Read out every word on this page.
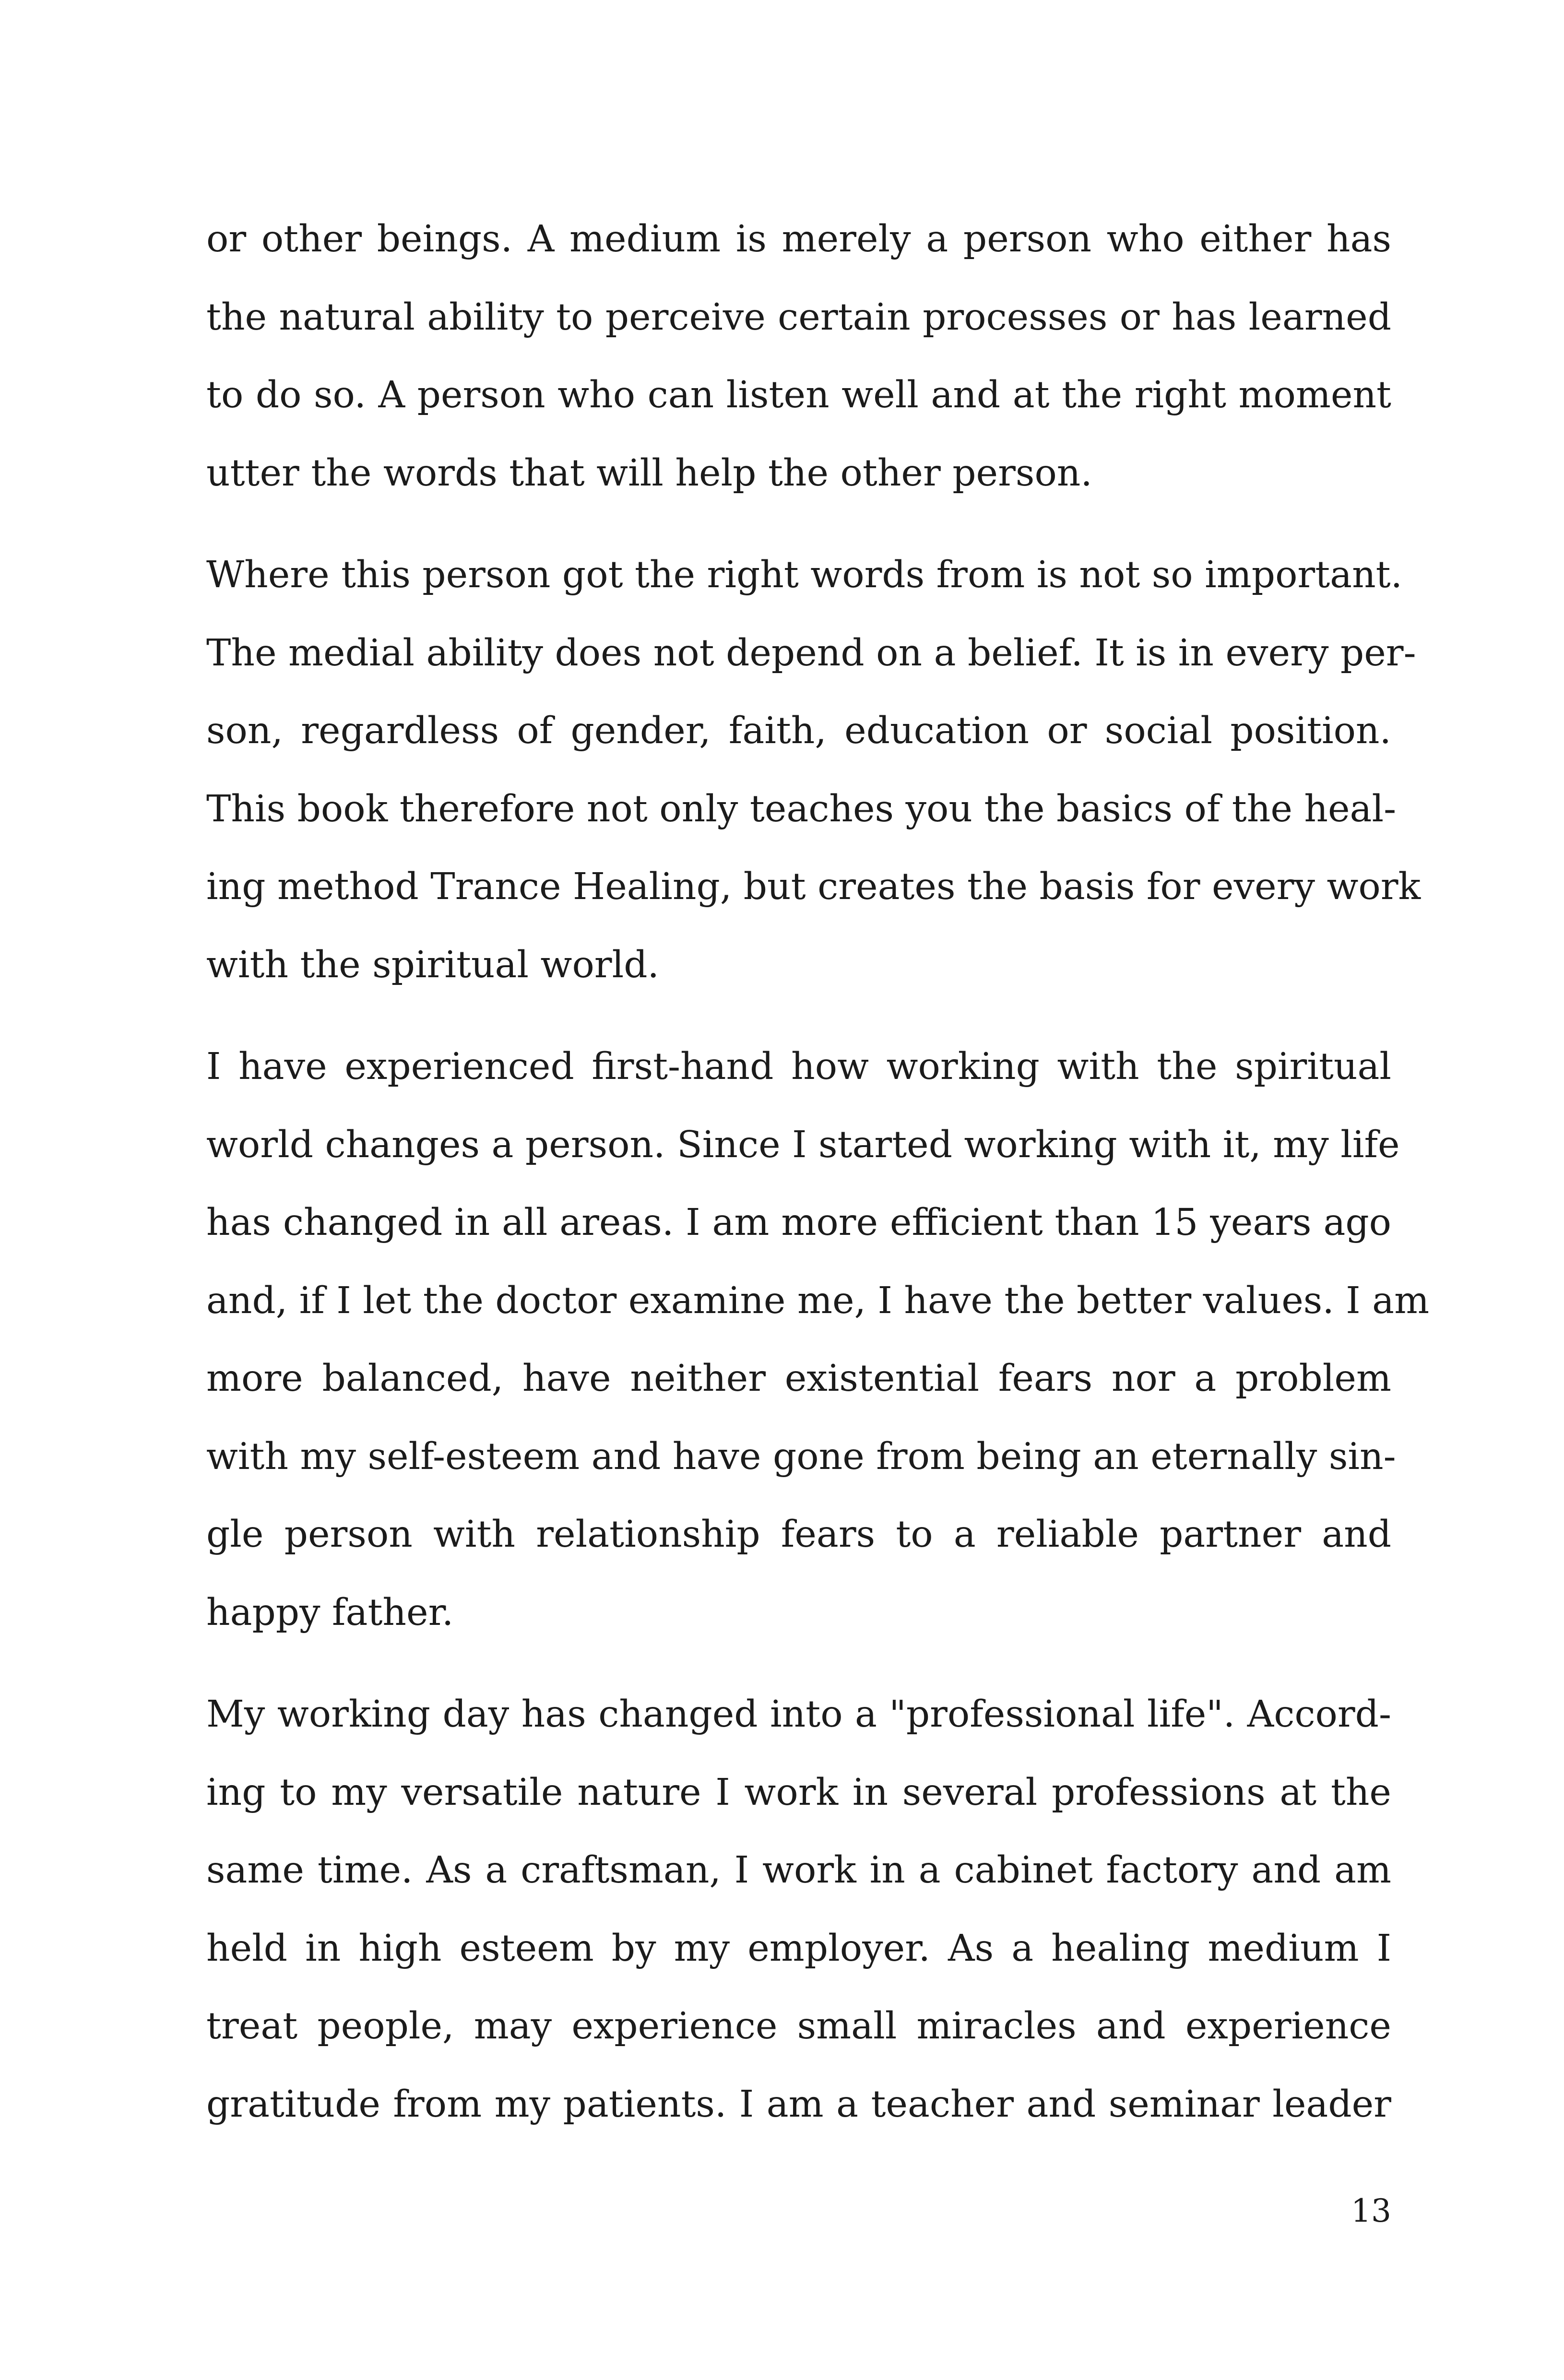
or other beings. A medium is merely a person who either has
the natural ability to perceive certain processes or has learned
to do so. A person who can listen well and at the right moment
utter the words that will help the other person.
Where this person got the right words from is not so important.
The medial ability does not depend on a belief. It is in every per-
son, regardless of gender, faith, education or social position.
This book therefore not only teaches you the basics of the heal-
ing method Trance Healing, but creates the basis for every work
with the spiritual world.
I have experienced first-hand how working with the spiritual
world changes a person. Since I started working with it, my life
has changed in all areas. I am more efficient than 15 years ago
and, if I let the doctor examine me, I have the better values. I am
more balanced, have neither existential fears nor a problem
with my self-esteem and have gone from being an eternally sin-
gle person with relationship fears to a reliable partner and
happy father.
My working day has changed into a "professional life". Accord-
ing to my versatile nature I work in several professions at the
same time. As a craftsman, I work in a cabinet factory and am
held in high esteem by my employer. As a healing medium I
treat people, may experience small miracles and experience
gratitude from my patients. I am a teacher and seminar leader
13
